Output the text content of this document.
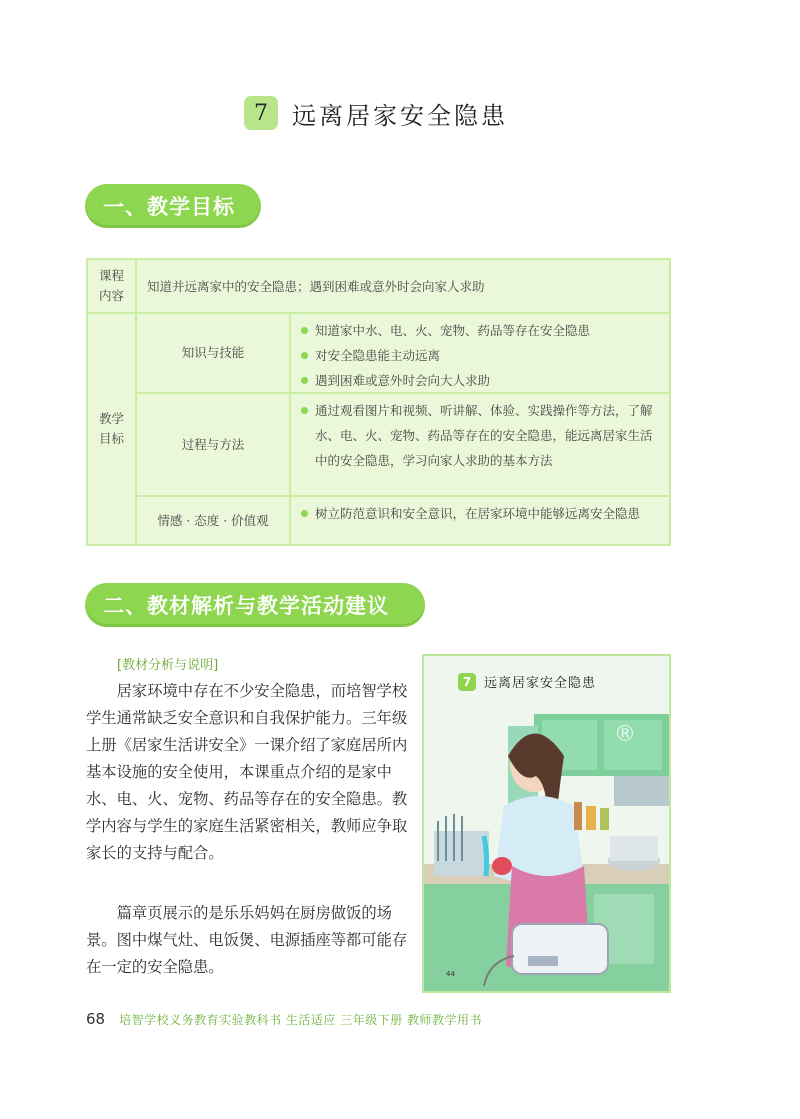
7	远离居家安全隐患
一、教学目标
课程
内容
知道并远离家中的安全隐患；遇到困难或意外时会向家人求助
教学
目标
知识与技能
知道家中水、电、火、宠物、药品等存在安全隐患
对安全隐患能主动远离
遇到困难或意外时会向大人求助
过程与方法
通过观看图片和视频、听讲解、体验、实践操作等方法，了解水、电、火、宠物、药品等存在的安全隐患，能远离居家生活中的安全隐患，学习向家人求助的基本方法
情感 · 态度 · 价值观	树立防范意识和安全意识，在居家环境中能够远离安全隐患
二、教材解析与教学活动建议
[教材分析与说明]
居家环境中存在不少安全隐患，而培智学校学生通常缺乏安全意识和自我保护能力。三年级上册《居家生活讲安全》一课介绍了家庭居所内基本设施的安全使用，本课重点介绍的是家中水、电、火、宠物、药品等存在的安全隐患。教学内容与学生的家庭生活紧密相关，教师应争取家长的支持与配合。
篇章页展示的是乐乐妈妈在厨房做饭的场景。图中煤气灶、电饭煲、电源插座等都可能存在一定的安全隐患。
7 远离居家安全隐患
®
44
68 培智学校义务教育实验教科书 生活适应 三年级下册 教师教学用书
